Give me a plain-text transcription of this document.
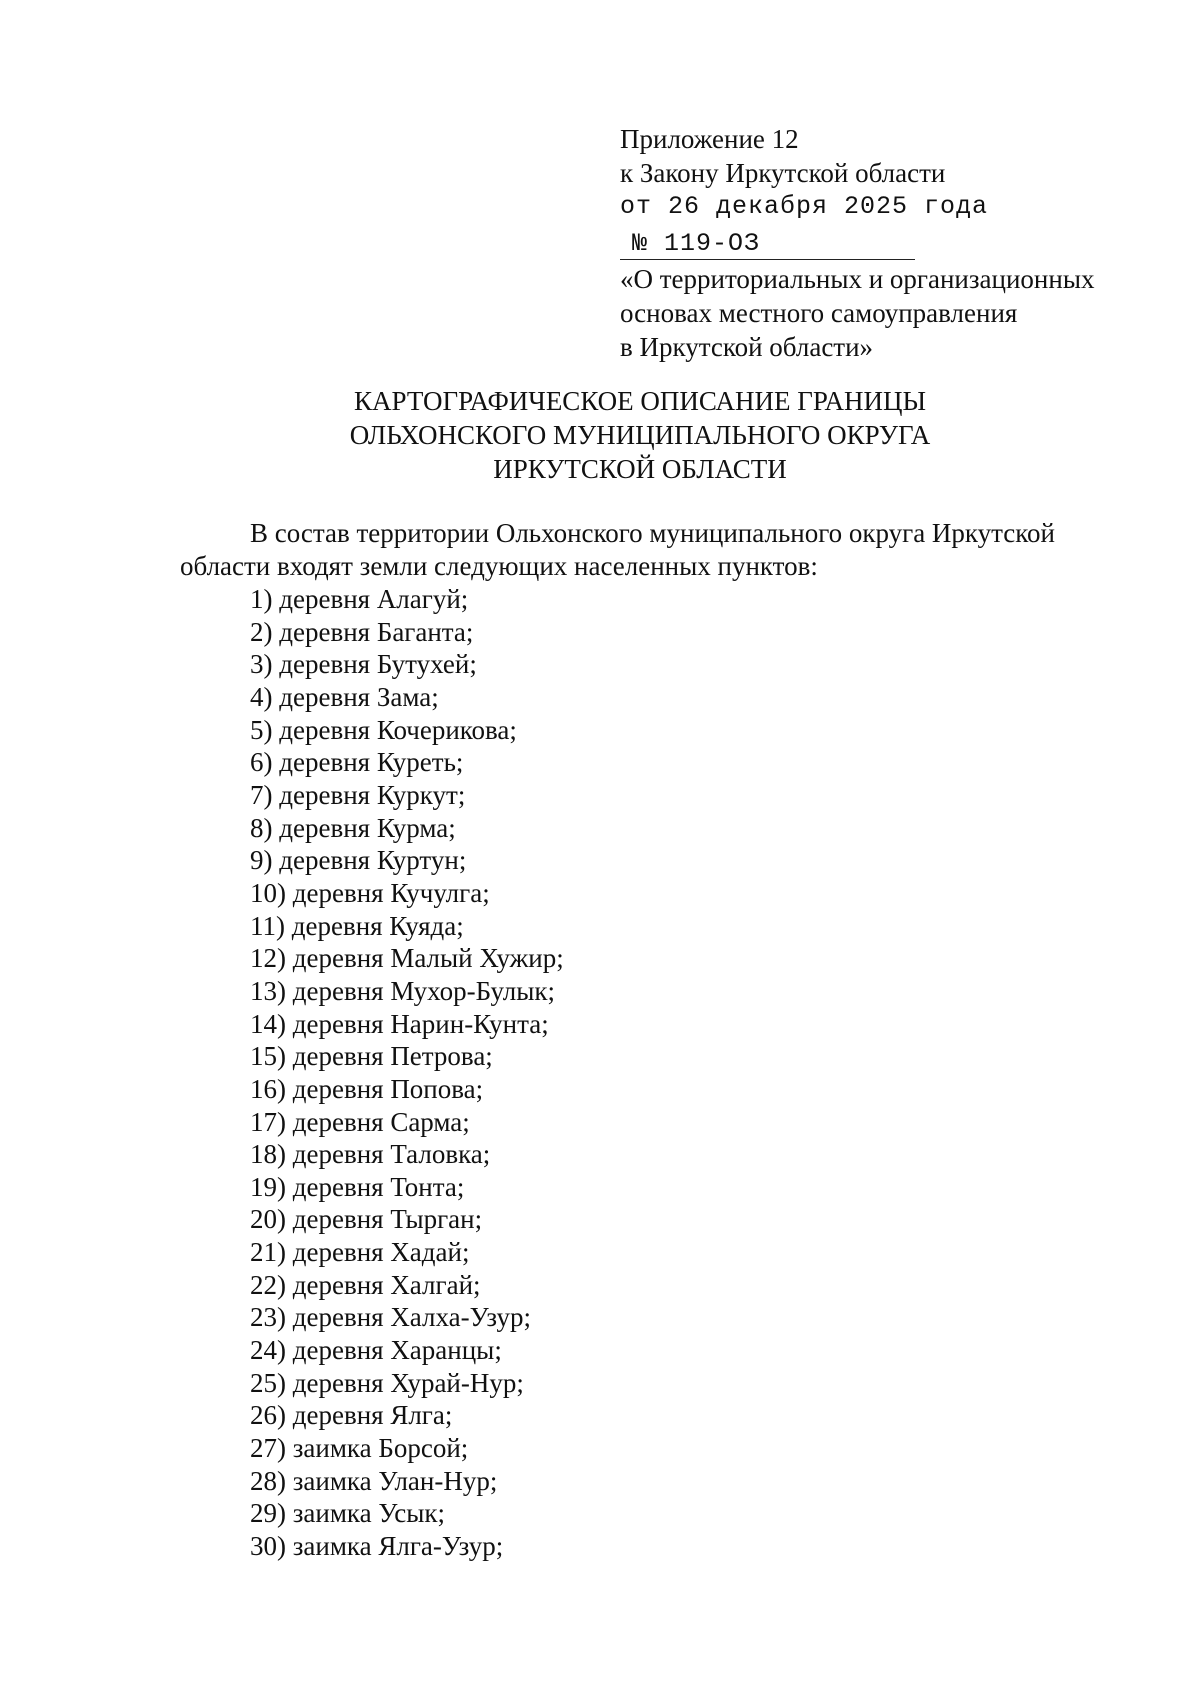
Приложение 12
к Закону Иркутской области
от 26 декабря 2025 года
№ 119-ОЗ
«О территориальных и организационных
основах местного самоуправления
в Иркутской области»
КАРТОГРАФИЧЕСКОЕ ОПИСАНИЕ ГРАНИЦЫ
ОЛЬХОНСКОГО МУНИЦИПАЛЬНОГО ОКРУГА
ИРКУТСКОЙ ОБЛАСТИ
В состав территории Ольхонского муниципального округа Иркутской
области входят земли следующих населенных пунктов:
1) деревня Алагуй;
2) деревня Баганта;
3) деревня Бутухей;
4) деревня Зама;
5) деревня Кочерикова;
6) деревня Куреть;
7) деревня Куркут;
8) деревня Курма;
9) деревня Куртун;
10) деревня Кучулга;
11) деревня Куяда;
12) деревня Малый Хужир;
13) деревня Мухор-Булык;
14) деревня Нарин-Кунта;
15) деревня Петрова;
16) деревня Попова;
17) деревня Сарма;
18) деревня Таловка;
19) деревня Тонта;
20) деревня Тырган;
21) деревня Хадай;
22) деревня Халгай;
23) деревня Халха-Узур;
24) деревня Харанцы;
25) деревня Хурай-Нур;
26) деревня Ялга;
27) заимка Борсой;
28) заимка Улан-Нур;
29) заимка Усык;
30) заимка Ялга-Узур;
